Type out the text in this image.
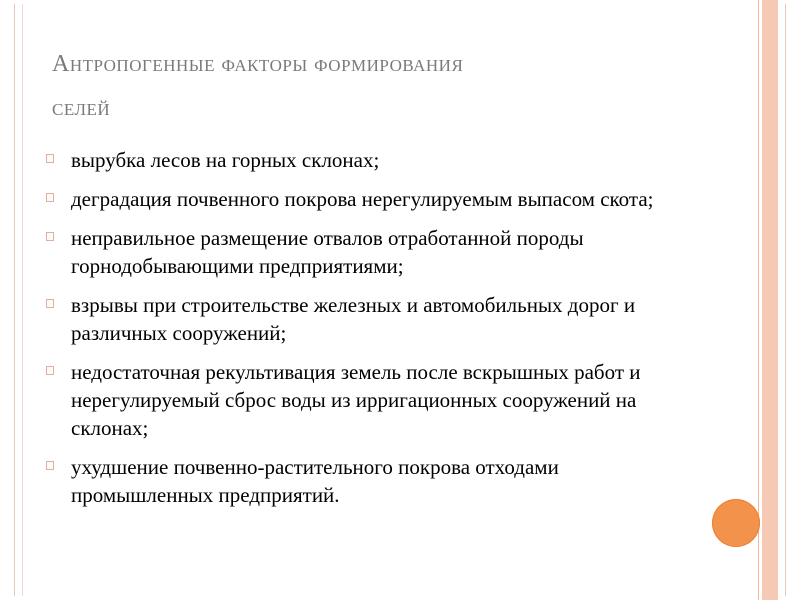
Антропогенные факторы формирования
селей
вырубка лесов на горных склонах;
деградация почвенного покрова нерегулируемым выпасом скота;
неправильное размещение отвалов отработанной породы горнодобывающими предприятиями;
взрывы при строительстве железных и автомобильных дорог и различных сооружений;
недостаточная рекультивация земель после вскрышных работ и нерегулируемый сброс воды из ирригационных сооружений на склонах;
ухудшение почвенно-растительного покрова отходами промышленных предприятий.
